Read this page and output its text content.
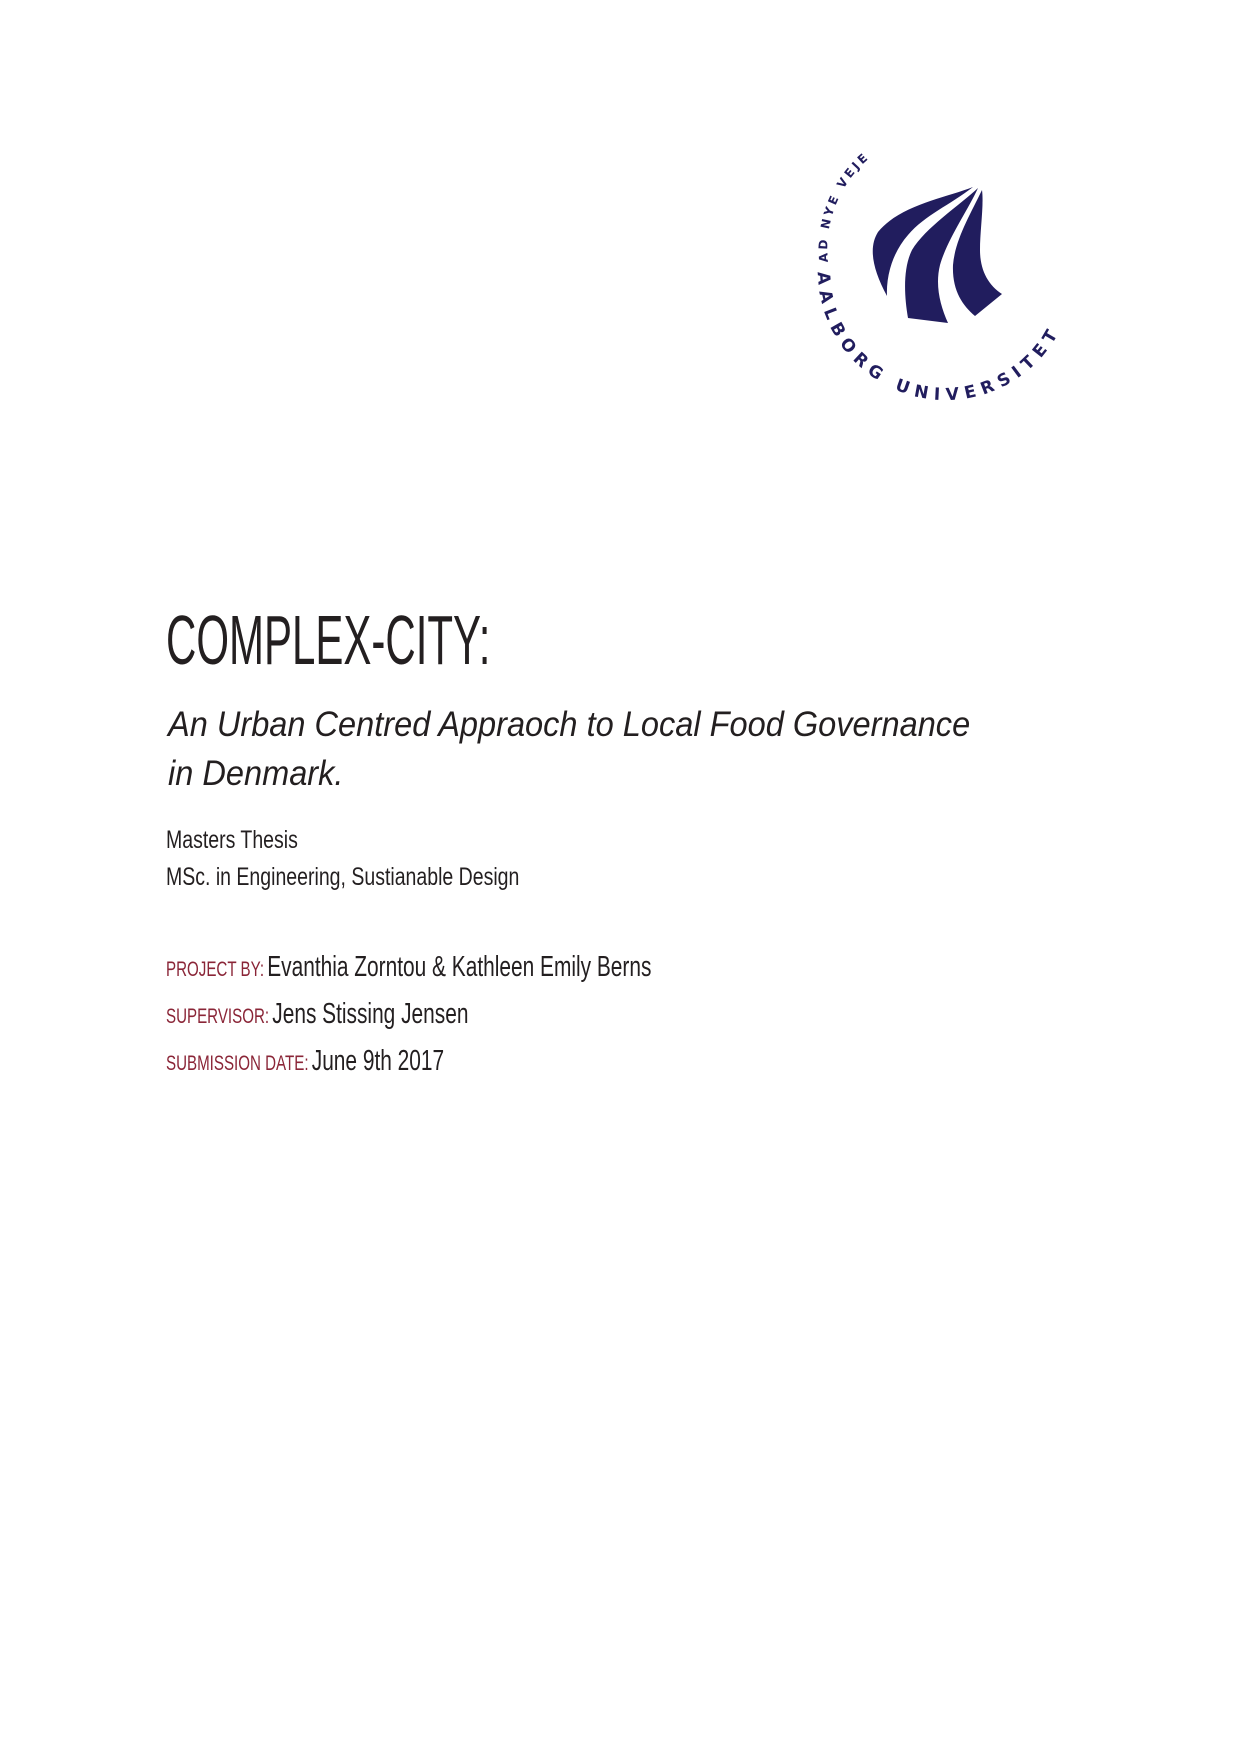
AD NYE VEJE
AALBORG UNIVERSITET
COMPLEX-CITY:
An Urban Centred Appraoch to Local Food Governance
in Denmark.
Masters Thesis
MSc. in Engineering, Sustianable Design
PROJECT BY: Evanthia Zorntou & Kathleen Emily Berns
SUPERVISOR: Jens Stissing Jensen
SUBMISSION DATE: June 9th 2017
